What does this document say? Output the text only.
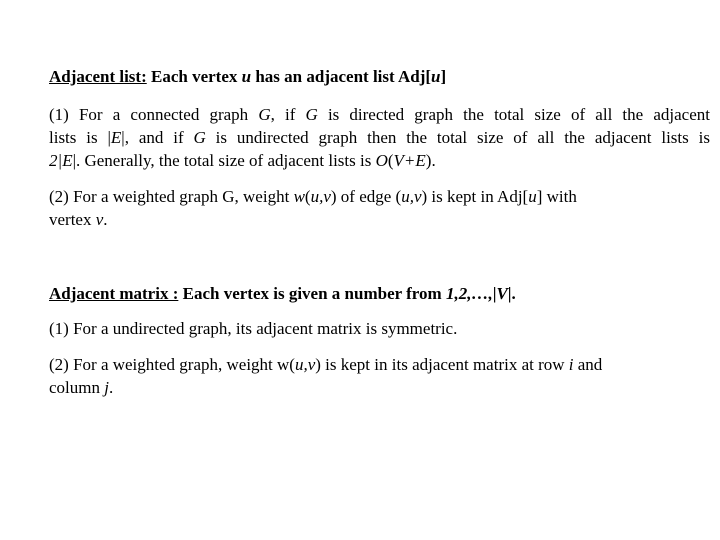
Adjacent list: Each vertex u has an adjacent list Adj[u]
(1) For a connected graph G, if G is directed graph the total size of all the adjacent
lists is |E|, and if G is undirected graph then the total size of all the adjacent lists is
2|E|. Generally, the total size of adjacent lists is O(V+E).
(2) For a weighted graph G, weight w(u,v) of edge (u,v) is kept in Adj[u] with
vertex v.
Adjacent matrix : Each vertex is given a number from 1,2,…,|V|.
(1) For a undirected graph, its adjacent matrix is symmetric.
(2) For a weighted graph, weight w(u,v) is kept in its adjacent matrix at row i and
column j.
